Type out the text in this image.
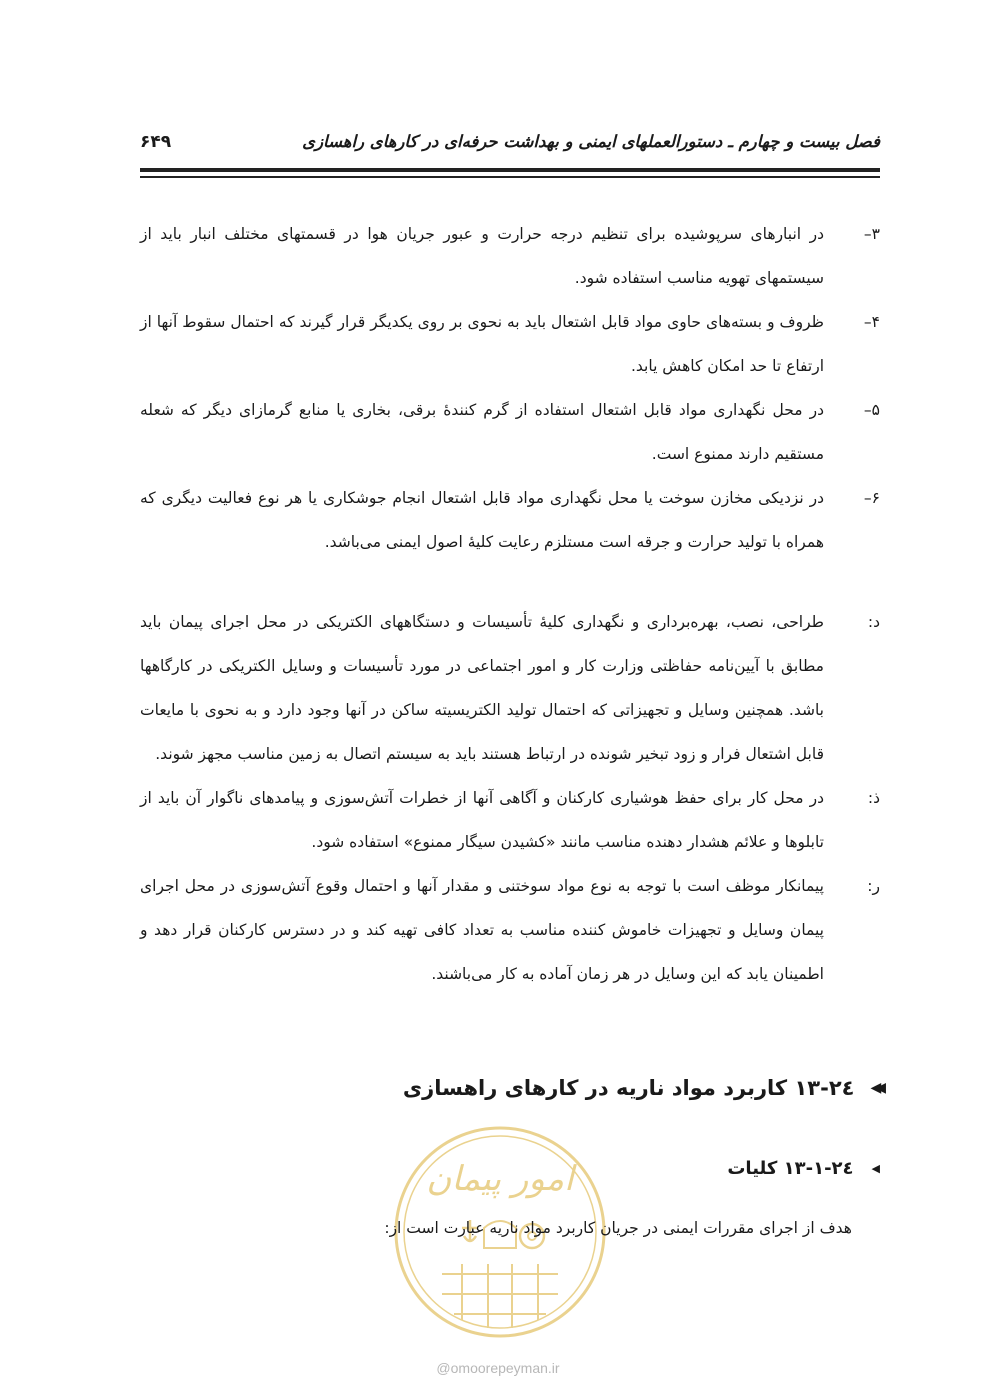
فصل بیست و چهارم ـ دستورالعملهای ایمنی و بهداشت حرفه‌ای در کارهای راهسازی
۶۴۹
۳–
در انبارهای سرپوشیده برای تنظیم درجه حرارت و عبور جریان هوا در قسمتهای مختلف انبار باید از سیستمهای تهویه مناسب استفاده شود.
۴–
ظروف و بسته‌های حاوی مواد قابل اشتعال باید به نحوی بر روی یکدیگر قرار گیرند که احتمال سقوط آنها از ارتفاع تا حد امکان کاهش یابد.
۵–
در محل نگهداری مواد قابل اشتعال استفاده از گرم کنندهٔ برقی، بخاری یا منابع گرمازای دیگر که شعله مستقیم دارند ممنوع است.
۶–
در نزدیکی مخازن سوخت یا محل نگهداری مواد قابل اشتعال انجام جوشکاری یا هر نوع فعالیت دیگری که همراه با تولید حرارت و جرقه است مستلزم رعایت کلیهٔ اصول ایمنی می‌باشد.
د:
طراحی، نصب، بهره‌برداری و نگهداری کلیهٔ تأسیسات و دستگاههای الکتریکی در محل اجرای پیمان باید مطابق با آیین‌نامه حفاظتی وزارت کار و امور اجتماعی در مورد تأسیسات و وسایل الکتریکی در کارگاهها باشد. همچنین وسایل و تجهیزاتی که احتمال تولید الکتریسیته ساکن در آنها وجود دارد و به نحوی با مایعات قابل اشتعال فرار و زود تبخیر شونده در ارتباط هستند باید به سیستم اتصال به زمین مناسب مجهز شوند.
ذ:
در محل کار برای حفظ هوشیاری کارکنان و آگاهی آنها از خطرات آتش‌سوزی و پیامدهای ناگوار آن باید از تابلوها و علائم هشدار دهنده مناسب مانند «کشیدن سیگار ممنوع» استفاده شود.
ر:
پیمانکار موظف است با توجه به نوع مواد سوختنی و مقدار آنها و احتمال وقوع آتش‌سوزی در محل اجرای پیمان وسایل و تجهیزات خاموش کننده مناسب به تعداد کافی تهیه کند و در دسترس کارکنان قرار دهد و اطمینان یابد که این وسایل در هر زمان آماده به کار می‌باشند.
امور پیمان
@omoorepeyman.ir
◀◀
۲٤-۱۳ کاربرد مواد ناریه در کارهای راهسازی
◀
۲٤-۱۳-۱ کلیات
هدف از اجرای مقررات ایمنی در جریان کاربرد مواد ناریه عبارت است از:
